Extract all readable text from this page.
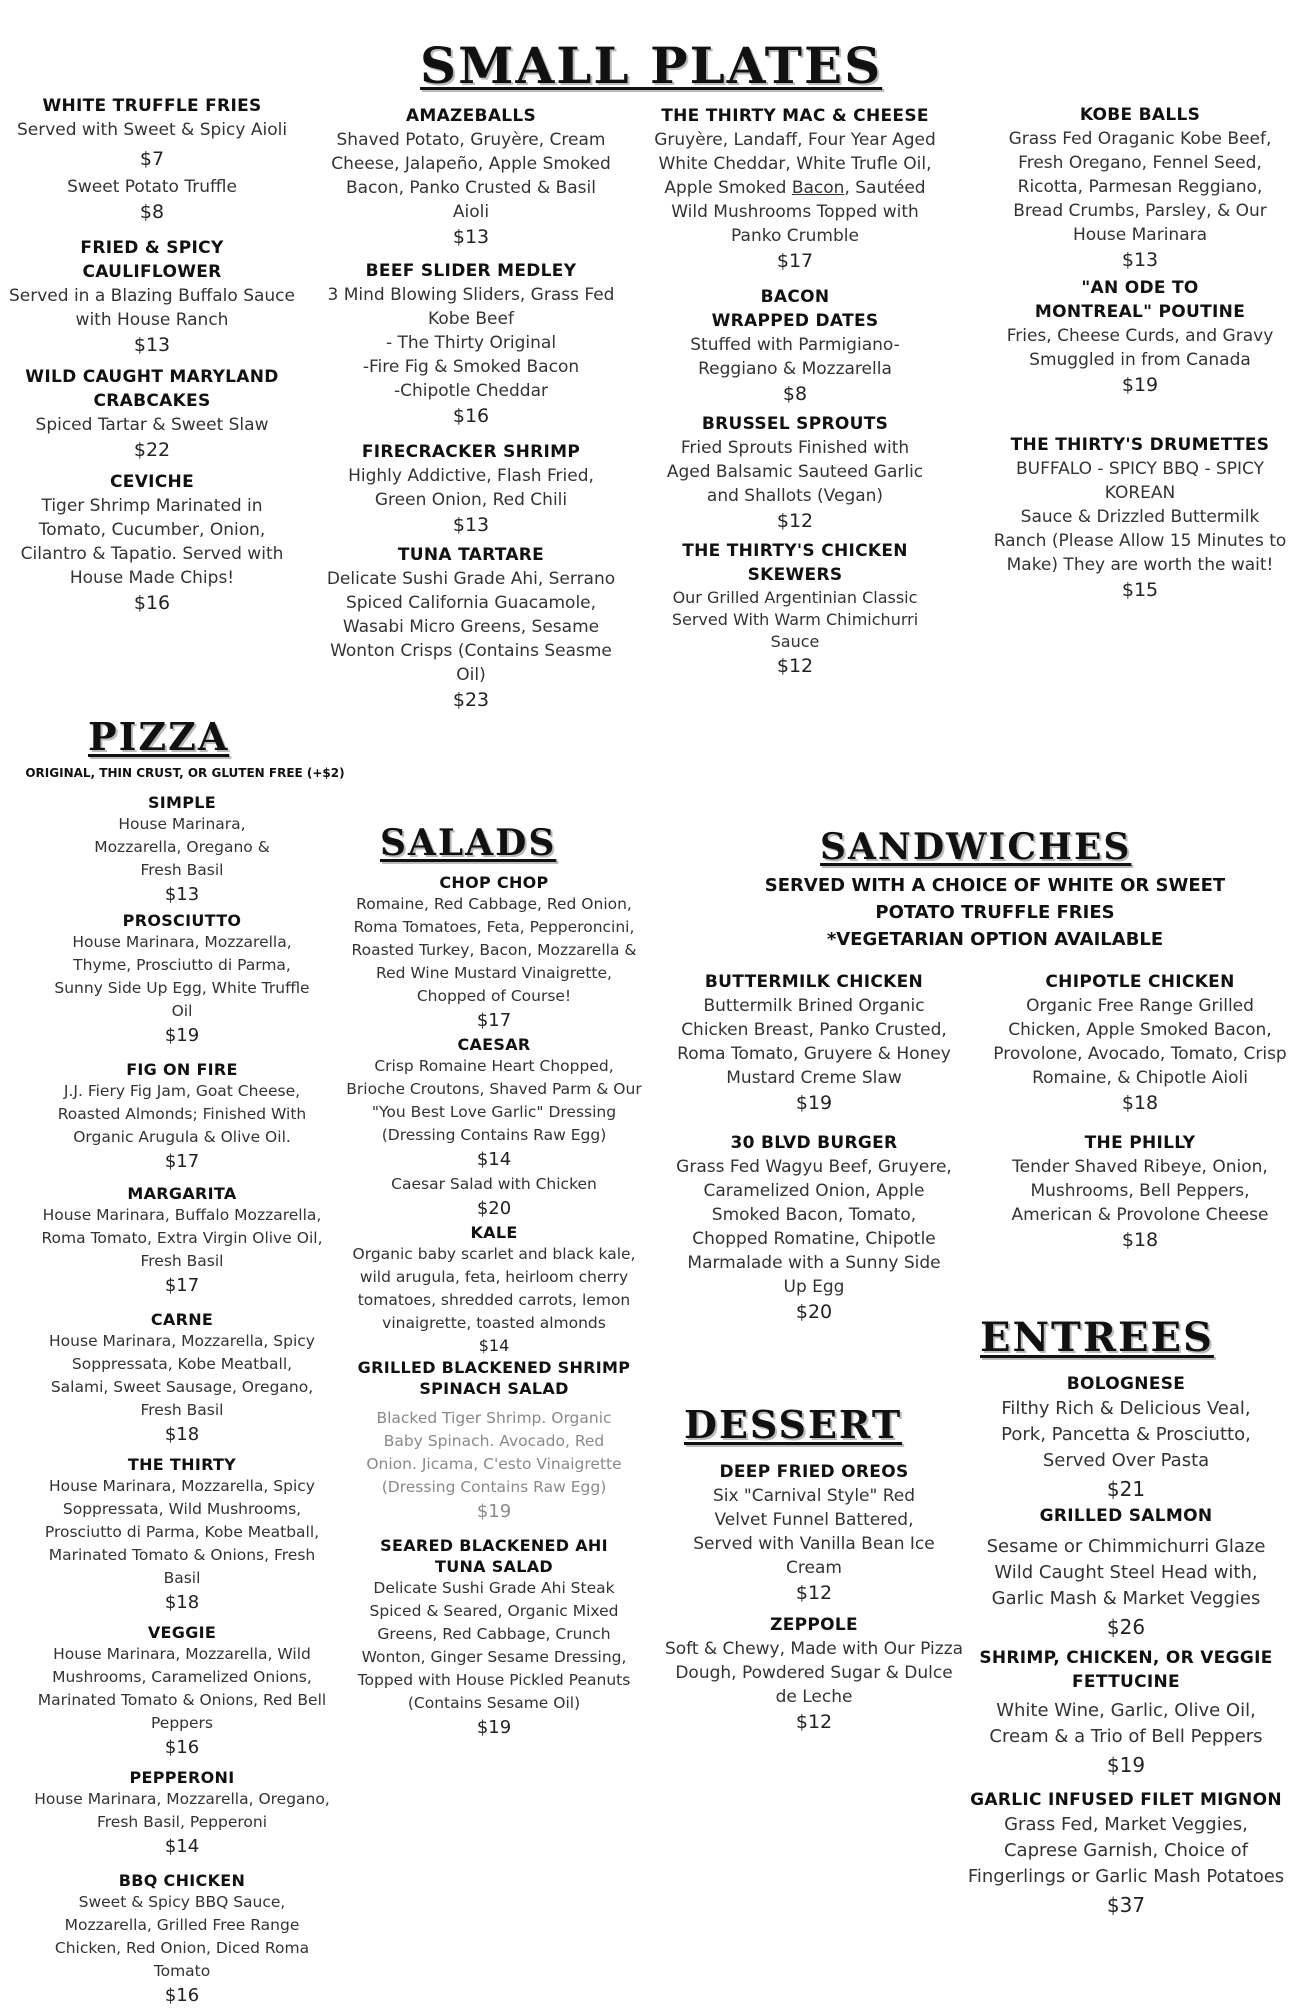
SMALL PLATES
WHITE TRUFFLE FRIES
Served with Sweet & Spicy Aioli
$7
Sweet Potato Truffle
$8
FRIED & SPICY CAULIFLOWER
Served in a Blazing Buffalo Sauce with House Ranch
$13
WILD CAUGHT MARYLAND CRABCAKES
Spiced Tartar & Sweet Slaw
$22
CEVICHE
Tiger Shrimp Marinated in Tomato, Cucumber, Onion, Cilantro & Tapatio. Served with House Made Chips!
$16
AMAZEBALLS
Shaved Potato, Gruyère, Cream Cheese, Jalapeño, Apple Smoked Bacon, Panko Crusted & Basil Aioli
$13
BEEF SLIDER MEDLEY
3 Mind Blowing Sliders, Grass Fed Kobe Beef
- The Thirty Original
-Fire Fig & Smoked Bacon
-Chipotle Cheddar
$16
FIRECRACKER SHRIMP
Highly Addictive, Flash Fried, Green Onion, Red Chili
$13
TUNA TARTARE
Delicate Sushi Grade Ahi, Serrano Spiced California Guacamole, Wasabi Micro Greens, Sesame Wonton Crisps (Contains Seasme Oil)
$23
THE THIRTY MAC & CHEESE
Gruyère, Landaff, Four Year Aged White Cheddar, White Trufle Oil, Apple Smoked Bacon, Sautéed Wild Mushrooms Topped with Panko Crumble
$17
BACON WRAPPED DATES
Stuffed with Parmigiano-Reggiano & Mozzarella
$8
BRUSSEL SPROUTS
Fried Sprouts Finished with Aged Balsamic Sauteed Garlic and Shallots (Vegan)
$12
THE THIRTY'S CHICKEN SKEWERS
Our Grilled Argentinian Classic Served With Warm Chimichurri Sauce
$12
KOBE BALLS
Grass Fed Oraganic Kobe Beef, Fresh Oregano, Fennel Seed, Ricotta, Parmesan Reggiano, Bread Crumbs, Parsley, & Our House Marinara
$13
"AN ODE TO MONTREAL" POUTINE
Fries, Cheese Curds, and Gravy Smuggled in from Canada
$19
THE THIRTY'S DRUMETTES
BUFFALO - SPICY BBQ - SPICY KOREAN
Sauce & Drizzled Buttermilk Ranch (Please Allow 15 Minutes to Make) They are worth the wait!
$15
PIZZA
ORIGINAL, THIN CRUST, OR GLUTEN FREE (+$2)
SIMPLE
House Marinara, Mozzarella, Oregano & Fresh Basil
$13
PROSCIUTTO
House Marinara, Mozzarella, Thyme, Prosciutto di Parma, Sunny Side Up Egg, White Truffle Oil
$19
FIG ON FIRE
J.J. Fiery Fig Jam, Goat Cheese, Roasted Almonds; Finished With Organic Arugula & Olive Oil.
$17
MARGARITA
House Marinara, Buffalo Mozzarella, Roma Tomato, Extra Virgin Olive Oil, Fresh Basil
$17
CARNE
House Marinara, Mozzarella, Spicy Soppressata, Kobe Meatball, Salami, Sweet Sausage, Oregano, Fresh Basil
$18
THE THIRTY
House Marinara, Mozzarella, Spicy Soppressata, Wild Mushrooms, Prosciutto di Parma, Kobe Meatball, Marinated Tomato & Onions, Fresh Basil
$18
VEGGIE
House Marinara, Mozzarella, Wild Mushrooms, Caramelized Onions, Marinated Tomato & Onions, Red Bell Peppers
$16
PEPPERONI
House Marinara, Mozzarella, Oregano, Fresh Basil, Pepperoni
$14
BBQ CHICKEN
Sweet & Spicy BBQ Sauce, Mozzarella, Grilled Free Range Chicken, Red Onion, Diced Roma Tomato
$16
SALADS
CHOP CHOP
Romaine, Red Cabbage, Red Onion, Roma Tomatoes, Feta, Pepperoncini, Roasted Turkey, Bacon, Mozzarella & Red Wine Mustard Vinaigrette, Chopped of Course!
$17
CAESAR
Crisp Romaine Heart Chopped, Brioche Croutons, Shaved Parm & Our "You Best Love Garlic" Dressing (Dressing Contains Raw Egg)
$14
Caesar Salad with Chicken
$20
KALE
Organic baby scarlet and black kale, wild arugula, feta, heirloom cherry tomatoes, shredded carrots, lemon vinaigrette, toasted almonds
$14
GRILLED BLACKENED SHRIMP SPINACH SALAD
Blacked Tiger Shrimp. Organic Baby Spinach. Avocado, Red Onion. Jicama, C'esto Vinaigrette (Dressing Contains Raw Egg)
$19
SEARED BLACKENED AHI TUNA SALAD
Delicate Sushi Grade Ahi Steak Spiced & Seared, Organic Mixed Greens, Red Cabbage, Crunch Wonton, Ginger Sesame Dressing, Topped with House Pickled Peanuts (Contains Sesame Oil)
$19
SANDWICHES
SERVED WITH A CHOICE OF WHITE OR SWEET
POTATO TRUFFLE FRIES
*VEGETARIAN OPTION AVAILABLE
BUTTERMILK CHICKEN
Buttermilk Brined Organic Chicken Breast, Panko Crusted, Roma Tomato, Gruyere & Honey Mustard Creme Slaw
$19
30 BLVD BURGER
Grass Fed Wagyu Beef, Gruyere, Caramelized Onion, Apple Smoked Bacon, Tomato, Chopped Romatine, Chipotle Marmalade with a Sunny Side Up Egg
$20
CHIPOTLE CHICKEN
Organic Free Range Grilled Chicken, Apple Smoked Bacon, Provolone, Avocado, Tomato, Crisp Romaine, & Chipotle Aioli
$18
THE PHILLY
Tender Shaved Ribeye, Onion, Mushrooms, Bell Peppers, American & Provolone Cheese
$18
DESSERT
DEEP FRIED OREOS
Six "Carnival Style" Red Velvet Funnel Battered, Served with Vanilla Bean Ice Cream
$12
ZEPPOLE
Soft & Chewy, Made with Our Pizza Dough, Powdered Sugar & Dulce de Leche
$12
ENTREES
BOLOGNESE
Filthy Rich & Delicious Veal, Pork, Pancetta & Prosciutto, Served Over Pasta
$21
GRILLED SALMON
Sesame or Chimmichurri Glaze Wild Caught Steel Head with, Garlic Mash & Market Veggies
$26
SHRIMP, CHICKEN, OR VEGGIE FETTUCINE
White Wine, Garlic, Olive Oil, Cream & a Trio of Bell Peppers
$19
GARLIC INFUSED FILET MIGNON
Grass Fed, Market Veggies, Caprese Garnish, Choice of Fingerlings or Garlic Mash Potatoes
$37
